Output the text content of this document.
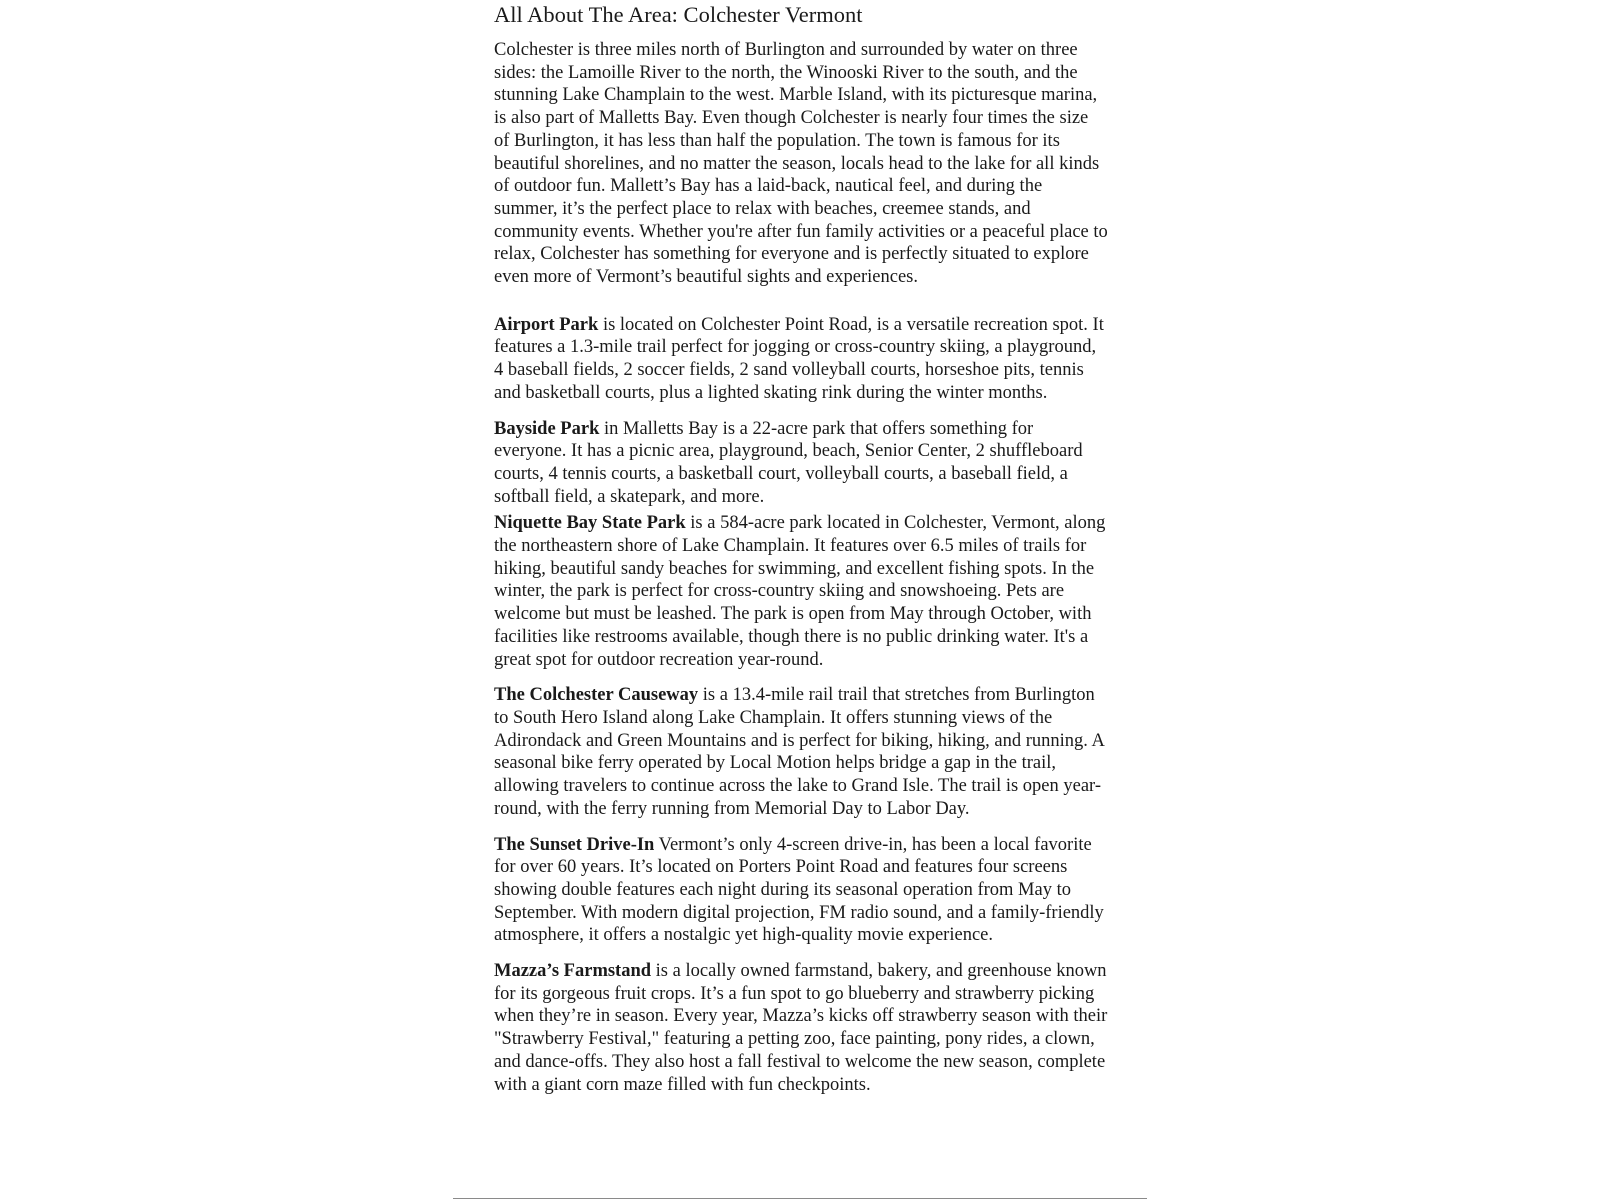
All About The Area: Colchester Vermont

Colchester is three miles north of Burlington and surrounded by water on three sides: the Lamoille River to the north, the Winooski River to the south, and the stunning Lake Champlain to the west. Marble Island, with its picturesque marina, is also part of Malletts Bay. Even though Colchester is nearly four times the size of Burlington, it has less than half the population. The town is famous for its beautiful shorelines, and no matter the season, locals head to the lake for all kinds of outdoor fun. Mallett’s Bay has a laid-back, nautical feel, and during the summer, it’s the perfect place to relax with beaches, creemee stands, and community events. Whether you're after fun family activities or a peaceful place to relax, Colchester has something for everyone and is perfectly situated to explore even more of Vermont’s beautiful sights and experiences.

Airport Park is located on Colchester Point Road, is a versatile recreation spot. It features a 1.3-mile trail perfect for jogging or cross-country skiing, a playground, 4 baseball fields, 2 soccer fields, 2 sand volleyball courts, horseshoe pits, tennis and basketball courts, plus a lighted skating rink during the winter months.

Bayside Park in Malletts Bay is a 22-acre park that offers something for everyone. It has a picnic area, playground, beach, Senior Center, 2 shuffleboard courts, 4 tennis courts, a basketball court, volleyball courts, a baseball field, a softball field, a skatepark, and more.

Niquette Bay State Park is a 584-acre park located in Colchester, Vermont, along the northeastern shore of Lake Champlain. It features over 6.5 miles of trails for hiking, beautiful sandy beaches for swimming, and excellent fishing spots. In the winter, the park is perfect for cross-country skiing and snowshoeing. Pets are welcome but must be leashed. The park is open from May through October, with facilities like restrooms available, though there is no public drinking water. It's a great spot for outdoor recreation year-round.

The Colchester Causeway is a 13.4-mile rail trail that stretches from Burlington to South Hero Island along Lake Champlain. It offers stunning views of the Adirondack and Green Mountains and is perfect for biking, hiking, and running. A seasonal bike ferry operated by Local Motion helps bridge a gap in the trail, allowing travelers to continue across the lake to Grand Isle. The trail is open year-round, with the ferry running from Memorial Day to Labor Day.

The Sunset Drive-In Vermont’s only 4-screen drive-in, has been a local favorite for over 60 years. It’s located on Porters Point Road and features four screens showing double features each night during its seasonal operation from May to September. With modern digital projection, FM radio sound, and a family-friendly atmosphere, it offers a nostalgic yet high-quality movie experience.

Mazza’s Farmstand is a locally owned farmstand, bakery, and greenhouse known for its gorgeous fruit crops. It’s a fun spot to go blueberry and strawberry picking when they’re in season. Every year, Mazza’s kicks off strawberry season with their "Strawberry Festival," featuring a petting zoo, face painting, pony rides, a clown, and dance-offs. They also host a fall festival to welcome the new season, complete with a giant corn maze filled with fun checkpoints.
